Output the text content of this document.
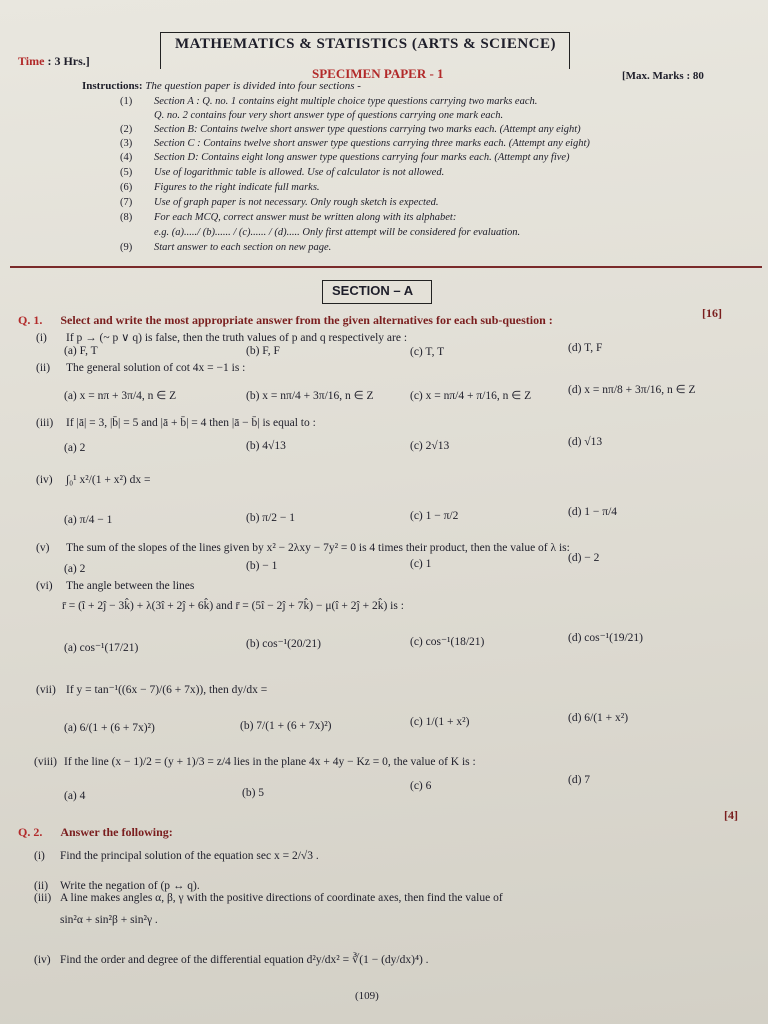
Time : 3 Hrs.]
MATHEMATICS & STATISTICS (ARTS & SCIENCE)
SPECIMEN PAPER - 1	[Max. Marks : 80
Instructions: The question paper is divided into four sections -
(1) Section A : Q. no. 1 contains eight multiple choice type questions carrying two marks each.
Q. no. 2 contains four very short answer type of questions carrying one mark each.
(2) Section B: Contains twelve short answer type questions carrying two marks each. (Attempt any eight)
(3) Section C : Contains twelve short answer type questions carrying three marks each. (Attempt any eight)
(4) Section D: Contains eight long answer type questions carrying four marks each. (Attempt any five)
(5) Use of logarithmic table is allowed. Use of calculator is not allowed.
(6) Figures to the right indicate full marks.
(7) Use of graph paper is not necessary. Only rough sketch is expected.
(8) For each MCQ, correct answer must be written along with its alphabet:
e.g. (a)...../ (b)...... / (c)...... / (d)..... Only first attempt will be considered for evaluation.
(9) Start answer to each section on new page.
SECTION – A
Q. 1. Select and write the most appropriate answer from the given alternatives for each sub-question :	[16]
(i) If p → (~ p ∨ q) is false, then the truth values of p and q respectively are :
(a) F, T	(b) F, F	(c) T, T	(d) T, F
(ii) The general solution of cot 4x = −1 is :
(a) x = nπ + 3π/4, n ∈ Z	(b) x = nπ/4 + 3π/16, n ∈ Z	(c) x = nπ/4 + π/16, n ∈ Z	(d) x = nπ/8 + 3π/16, n ∈ Z
(iii) If |ā| = 3, |b̄| = 5 and |ā + b̄| = 4 then |ā − b̄| is equal to :
(a) 2	(b) 4√13	(c) 2√13	(d) √13
(iv) ∫₀¹ x²/(1 + x²) dx =
(a) π/4 − 1	(b) π/2 − 1	(c) 1 − π/2	(d) 1 − π/4
(v) The sum of the slopes of the lines given by x² − 2λxy − 7y² = 0 is 4 times their product, then the value of λ is:
(a) 2	(b) − 1	(c) 1	(d) − 2
(vi) The angle between the lines
r̄ = (î + 2ĵ − 3k̂) + λ(3î + 2ĵ + 6k̂) and r̄ = (5î − 2ĵ + 7k̂) − μ(î + 2ĵ + 2k̂) is :
(a) cos⁻¹(17/21)	(b) cos⁻¹(20/21)	(c) cos⁻¹(18/21)	(d) cos⁻¹(19/21)
(vii) If y = tan⁻¹((6x − 7)/(6 + 7x)), then dy/dx =
(a) 6/(1 + (6 + 7x)²)	(b) 7/(1 + (6 + 7x)²)	(c) 1/(1 + x²)	(d) 6/(1 + x²)
(viii) If the line (x − 1)/2 = (y + 1)/3 = z/4 lies in the plane 4x + 4y − Kz = 0, the value of K is :
(a) 4	(b) 5
(c) 6	(d) 7
Q. 2. Answer the following:
[4]
(i) Find the principal solution of the equation sec x = 2/√3 .
(ii) Write the negation of (p ↔ q).
(iii) A line makes angles α, β, γ with the positive directions of coordinate axes, then find the value of
sin²α + sin²β + sin²γ .
(iv) Find the order and degree of the differential equation d²y/dx² = ∛(1 − (dy/dx)⁴) .
(109)
